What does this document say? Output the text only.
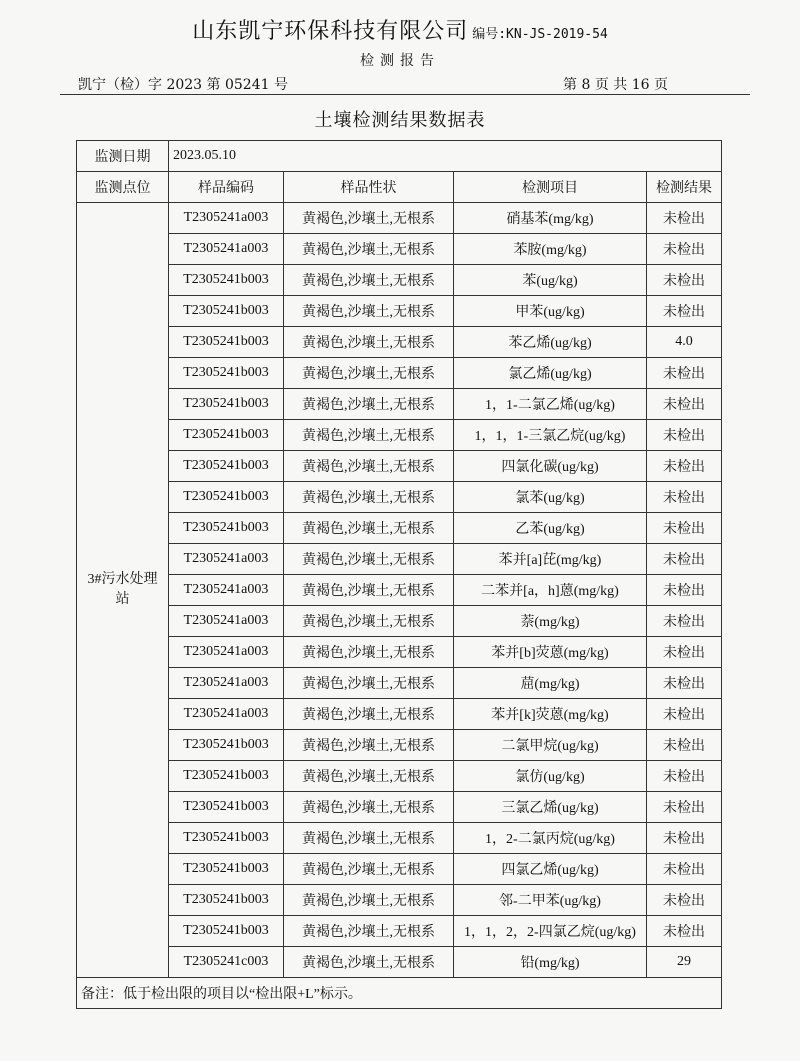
山东凯宁环保科技有限公司 编号:KN-JS-2019-54
检测报告
凯宁（检）字 2023 第 05241 号	第 8 页 共 16 页
土壤检测结果数据表
监测日期	2023.05.10			
监测点位	样品编码	样品性状	检测项目	检测结果
3#污水处理站	T2305241a003	黄褐色,沙壤土,无根系	硝基苯(mg/kg)	未检出
	T2305241a003	黄褐色,沙壤土,无根系	苯胺(mg/kg)	未检出
	T2305241b003	黄褐色,沙壤土,无根系	苯(ug/kg)	未检出
	T2305241b003	黄褐色,沙壤土,无根系	甲苯(ug/kg)	未检出
	T2305241b003	黄褐色,沙壤土,无根系	苯乙烯(ug/kg)	4.0
	T2305241b003	黄褐色,沙壤土,无根系	氯乙烯(ug/kg)	未检出
	T2305241b003	黄褐色,沙壤土,无根系	1，1-二氯乙烯(ug/kg)	未检出
	T2305241b003	黄褐色,沙壤土,无根系	1，1，1-三氯乙烷(ug/kg)	未检出
	T2305241b003	黄褐色,沙壤土,无根系	四氯化碳(ug/kg)	未检出
	T2305241b003	黄褐色,沙壤土,无根系	氯苯(ug/kg)	未检出
	T2305241b003	黄褐色,沙壤土,无根系	乙苯(ug/kg)	未检出
	T2305241a003	黄褐色,沙壤土,无根系	苯并[a]芘(mg/kg)	未检出
	T2305241a003	黄褐色,沙壤土,无根系	二苯并[a，h]蒽(mg/kg)	未检出
	T2305241a003	黄褐色,沙壤土,无根系	萘(mg/kg)	未检出
	T2305241a003	黄褐色,沙壤土,无根系	苯并[b]荧蒽(mg/kg)	未检出
	T2305241a003	黄褐色,沙壤土,无根系	䓛(mg/kg)	未检出
	T2305241a003	黄褐色,沙壤土,无根系	苯并[k]荧蒽(mg/kg)	未检出
	T2305241b003	黄褐色,沙壤土,无根系	二氯甲烷(ug/kg)	未检出
	T2305241b003	黄褐色,沙壤土,无根系	氯仿(ug/kg)	未检出
	T2305241b003	黄褐色,沙壤土,无根系	三氯乙烯(ug/kg)	未检出
	T2305241b003	黄褐色,沙壤土,无根系	1，2-二氯丙烷(ug/kg)	未检出
	T2305241b003	黄褐色,沙壤土,无根系	四氯乙烯(ug/kg)	未检出
	T2305241b003	黄褐色,沙壤土,无根系	邻-二甲苯(ug/kg)	未检出
	T2305241b003	黄褐色,沙壤土,无根系	1，1，2，2-四氯乙烷(ug/kg)	未检出
	T2305241c003	黄褐色,沙壤土,无根系	铅(mg/kg)	29
备注：低于检出限的项目以“检出限+L”标示。				
